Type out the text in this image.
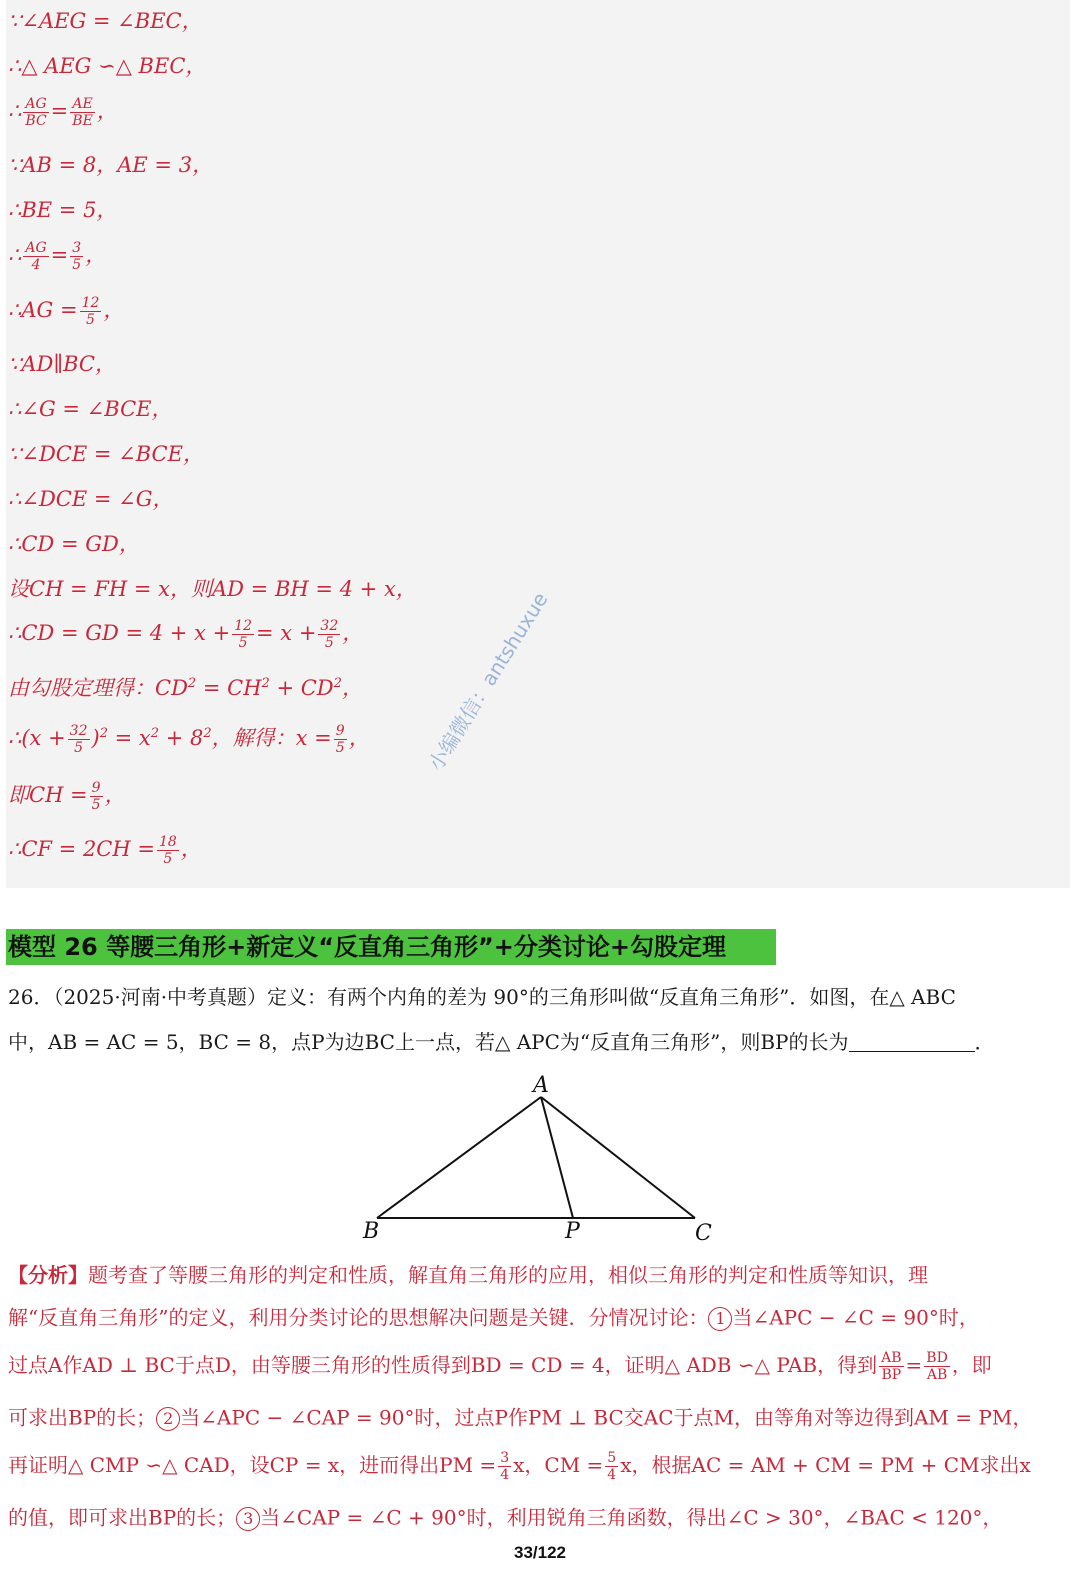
∵∠AEG = ∠BEC，
∴△ AEG ∽△ BEC，
∴ $\frac{AG}{BC} = \frac{AE}{BE}$ ，
∵AB = 8，AE = 3，
∴BE = 5，
∴ $\frac{AG}{4} = \frac{3}{5}$ ，
∴AG = $\frac{12}{5}$ ，
∵AD∥BC，
∴∠G = ∠BCE，
∵∠DCE = ∠BCE，
∴∠DCE = ∠G，
∴CD = GD，
设CH = FH = x，则AD = BH = 4 + x，
∴CD = GD = $4 + x + \frac{12}{5} = x + \frac{32}{5}$ ，
由勾股定理得：$CD^2 = CH^2 + CD^2$，
∴(x + $\frac{32}{5} )^2 = x^2 + 8^2$，解得：$x = \frac{9}{5}$ ，
即CH = $\frac{9}{5}$ ，
∴CF = $2CH = \frac{18}{5}$ ，
小编微信：antshuxue
模型 26 等腰三角形+新定义“反直角三角形”+分类讨论+勾股定理
26．（2025·河南·中考真题）定义：有两个内角的差为 90°的三角形叫做“反直角三角形”．如图，在△ ABC
中，AB = AC = 5，BC = 8，点P为边BC上一点，若△ APC为“反直角三角形”，则BP的长为	．
A
B	P	C
【分析】题考查了等腰三角形的判定和性质，解直角三角形的应用，相似三角形的判定和性质等知识，理
解“反直角三角形”的定义，利用分类讨论的思想解决问题是关键．分情况讨论： 1 当∠APC − ∠C = 90°时，
过点A作AD ⊥ BC于点D，由等腰三角形的性质得到BD = CD = 4，证明△ ADB ∽△ PAB，得到 $\frac{AB}{BP} = \frac{BD}{AB}$ ，即
可求出BP的长； 2 当∠APC − ∠CAP = 90°时，过点P作PM ⊥ BC交AC于点M，由等角对等边得到AM = PM，
再证明△ CMP ∽△ CAD，设CP = x，进而得出PM = $\frac{3}{4}$ x，CM = $\frac{5}{4}$ x，根据AC = AM + CM = PM + CM求出x
的值，即可求出BP的长； 3 当∠CAP = ∠C + 90°时，利用锐角三角函数，得出∠C > 30°，∠BAC < 120°，
33/122
